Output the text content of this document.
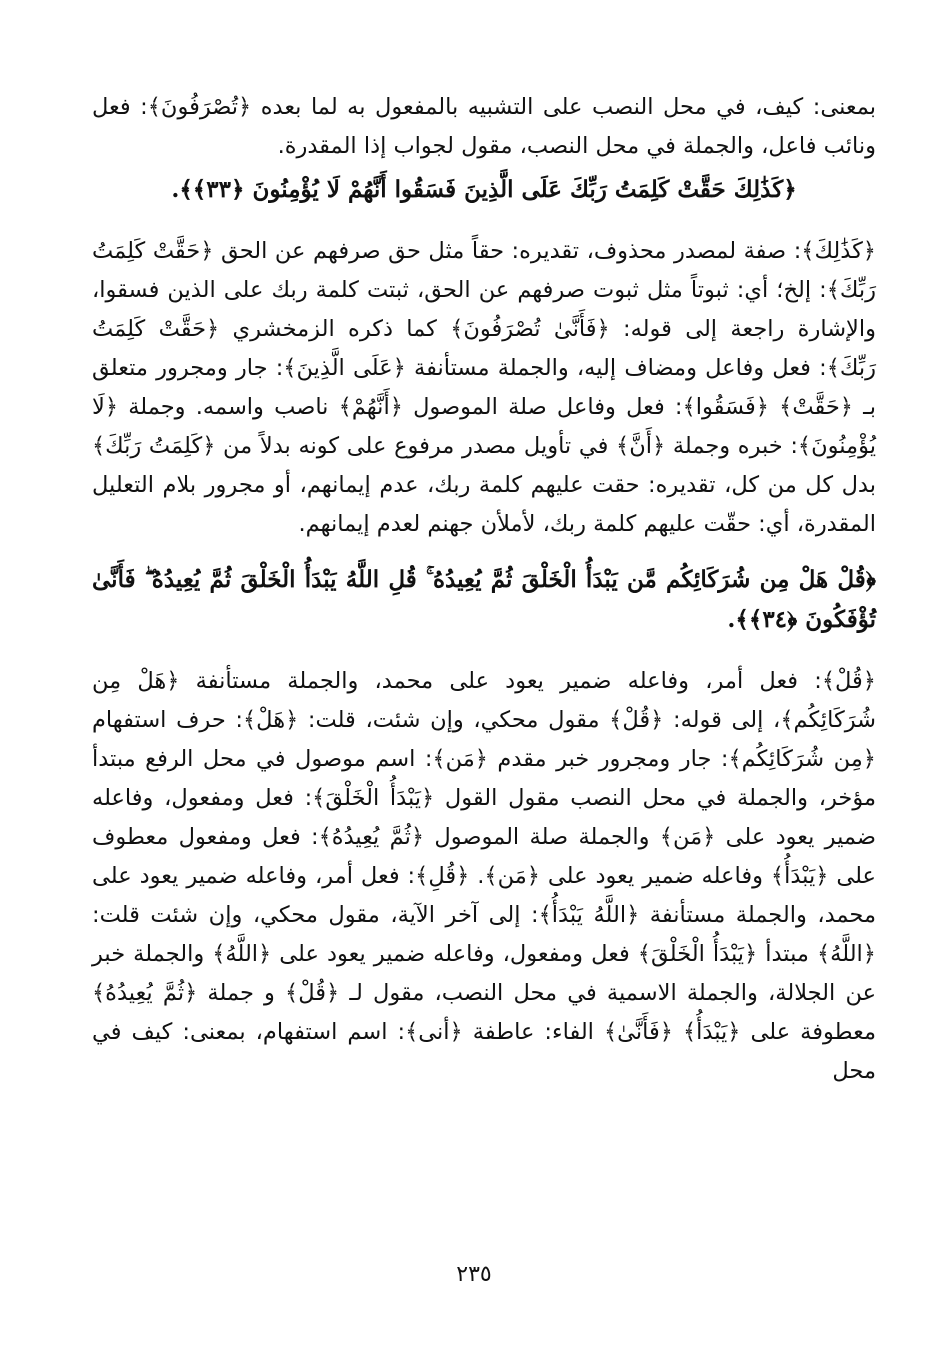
بمعنى: كيف، في محل النصب على التشبيه بالمفعول به لما بعده ﴿تُصْرَفُونَ﴾: فعل ونائب فاعل، والجملة في محل النصب، مقول لجواب إذا المقدرة.

﴿كَذَٰلِكَ حَقَّتْ كَلِمَتُ رَبِّكَ عَلَى الَّذِينَ فَسَقُوا أَنَّهُمْ لَا يُؤْمِنُونَ ﴿٣٣﴾﴾.

﴿كَذَٰلِكَ﴾: صفة لمصدر محذوف، تقديره: حقاً مثل حق صرفهم عن الحق ﴿حَقَّتْ كَلِمَتُ رَبِّكَ﴾: إلخ؛ أي: ثبوتاً مثل ثبوت صرفهم عن الحق، ثبتت كلمة ربك على الذين فسقوا، والإشارة راجعة إلى قوله: ﴿فَأَنَّىٰ تُصْرَفُونَ﴾ كما ذكره الزمخشري ﴿حَقَّتْ كَلِمَتُ رَبِّكَ﴾: فعل وفاعل ومضاف إليه، والجملة مستأنفة ﴿عَلَى الَّذِينَ﴾: جار ومجرور متعلق بـ ﴿حَقَّتْ﴾ ﴿فَسَقُوا﴾: فعل وفاعل صلة الموصول ﴿أَنَّهُمْ﴾ ناصب واسمه. وجملة ﴿لَا يُؤْمِنُونَ﴾: خبره وجملة ﴿أَنَّ﴾ في تأويل مصدر مرفوع على كونه بدلاً من ﴿كَلِمَتُ رَبِّكَ﴾ بدل كل من كل، تقديره: حقت عليهم كلمة ربك، عدم إيمانهم، أو مجرور بلام التعليل المقدرة، أي: حقّت عليهم كلمة ربك، لأملأن جهنم لعدم إيمانهم.

﴿قُلْ هَلْ مِن شُرَكَائِكُم مَّن يَبْدَأُ الْخَلْقَ ثُمَّ يُعِيدُهُ ۚ قُلِ اللَّهُ يَبْدَأُ الْخَلْقَ ثُمَّ يُعِيدُهُ ۖ فَأَنَّىٰ تُؤْفَكُونَ ﴿٣٤﴾﴾.

﴿قُلْ﴾: فعل أمر، وفاعله ضمير يعود على محمد، والجملة مستأنفة ﴿هَلْ مِن شُرَكَائِكُم﴾، إلى قوله: ﴿قُلْ﴾ مقول محكي، وإن شئت، قلت: ﴿هَلْ﴾: حرف استفهام ﴿مِن شُرَكَائِكُم﴾: جار ومجرور خبر مقدم ﴿مَن﴾: اسم موصول في محل الرفع مبتدأ مؤخر، والجملة في محل النصب مقول القول ﴿يَبْدَأُ الْخَلْقَ﴾: فعل ومفعول، وفاعله ضمير يعود على ﴿مَن﴾ والجملة صلة الموصول ﴿ثُمَّ يُعِيدُهُ﴾: فعل ومفعول معطوف على ﴿يَبْدَأُ﴾ وفاعله ضمير يعود على ﴿مَن﴾. ﴿قُلِ﴾: فعل أمر، وفاعله ضمير يعود على محمد، والجملة مستأنفة ﴿اللَّهُ يَبْدَأُ﴾: إلى آخر الآية، مقول محكي، وإن شئت قلت: ﴿اللَّهُ﴾ مبتدأ ﴿يَبْدَأُ الْخَلْقَ﴾ فعل ومفعول، وفاعله ضمير يعود على ﴿اللَّهُ﴾ والجملة خبر عن الجلالة، والجملة الاسمية في محل النصب، مقول لـ ﴿قُلْ﴾ و جملة ﴿ثُمَّ يُعِيدُهُ﴾ معطوفة على ﴿يَبْدَأُ﴾ ﴿فَأَنَّىٰ﴾ الفاء: عاطفة ﴿أنى﴾: اسم استفهام، بمعنى: كيف في محل

٢٣٥
